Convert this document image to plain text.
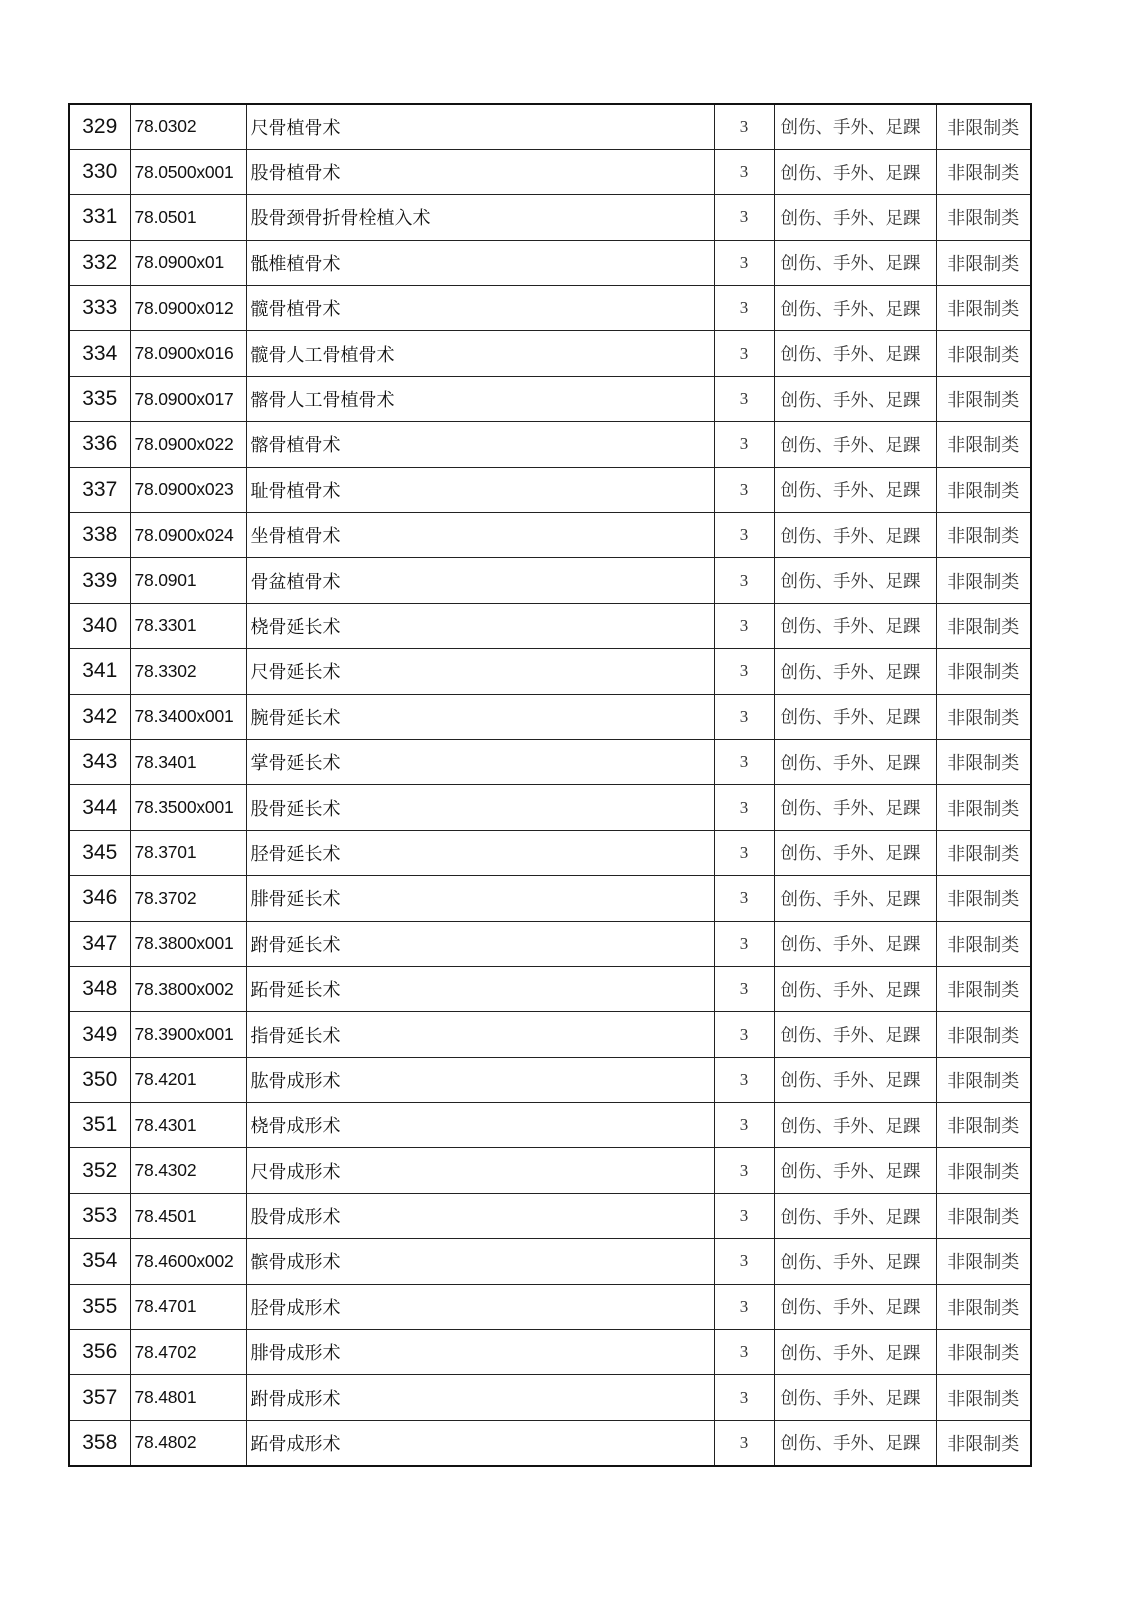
329	78.0302	尺骨植骨术	3	创伤、手外、足踝	非限制类
330	78.0500x001	股骨植骨术	3	创伤、手外、足踝	非限制类
331	78.0501	股骨颈骨折骨栓植入术	3	创伤、手外、足踝	非限制类
332	78.0900x01	骶椎植骨术	3	创伤、手外、足踝	非限制类
333	78.0900x012	髋骨植骨术	3	创伤、手外、足踝	非限制类
334	78.0900x016	髋骨人工骨植骨术	3	创伤、手外、足踝	非限制类
335	78.0900x017	髂骨人工骨植骨术	3	创伤、手外、足踝	非限制类
336	78.0900x022	髂骨植骨术	3	创伤、手外、足踝	非限制类
337	78.0900x023	耻骨植骨术	3	创伤、手外、足踝	非限制类
338	78.0900x024	坐骨植骨术	3	创伤、手外、足踝	非限制类
339	78.0901	骨盆植骨术	3	创伤、手外、足踝	非限制类
340	78.3301	桡骨延长术	3	创伤、手外、足踝	非限制类
341	78.3302	尺骨延长术	3	创伤、手外、足踝	非限制类
342	78.3400x001	腕骨延长术	3	创伤、手外、足踝	非限制类
343	78.3401	掌骨延长术	3	创伤、手外、足踝	非限制类
344	78.3500x001	股骨延长术	3	创伤、手外、足踝	非限制类
345	78.3701	胫骨延长术	3	创伤、手外、足踝	非限制类
346	78.3702	腓骨延长术	3	创伤、手外、足踝	非限制类
347	78.3800x001	跗骨延长术	3	创伤、手外、足踝	非限制类
348	78.3800x002	跖骨延长术	3	创伤、手外、足踝	非限制类
349	78.3900x001	指骨延长术	3	创伤、手外、足踝	非限制类
350	78.4201	肱骨成形术	3	创伤、手外、足踝	非限制类
351	78.4301	桡骨成形术	3	创伤、手外、足踝	非限制类
352	78.4302	尺骨成形术	3	创伤、手外、足踝	非限制类
353	78.4501	股骨成形术	3	创伤、手外、足踝	非限制类
354	78.4600x002	髌骨成形术	3	创伤、手外、足踝	非限制类
355	78.4701	胫骨成形术	3	创伤、手外、足踝	非限制类
356	78.4702	腓骨成形术	3	创伤、手外、足踝	非限制类
357	78.4801	跗骨成形术	3	创伤、手外、足踝	非限制类
358	78.4802	跖骨成形术	3	创伤、手外、足踝	非限制类
